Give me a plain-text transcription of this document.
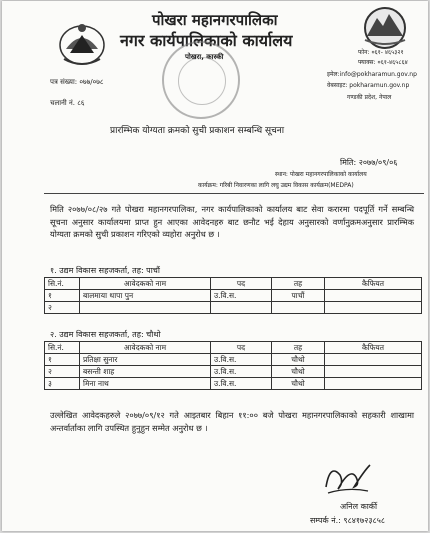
पोखरा महानगरपालिका
नगर कार्यपालिकाको कार्यालय
पोखरा, कास्की
फोन: ०६१- ४६५३२१
फ्याक्स: ०६१-४६५८६४
इमेल:info@pokharamun.gov.np
वेबसाइट: pokharamun.gov.np
गण्डकी प्रदेश, नेपाल
पत्र संख्या: ०७७/०७८
चलानी नं. ८६
प्रारम्भिक योग्यता क्रमको सुची प्रकाशन सम्बन्धि सूचना
मिति: २०७७/०९/०६
स्थान: पोखरा महानगरपालिकाको कार्यालय
कार्यक्रम: गरिबी निवारणका लागि लघु उद्यम विकास कार्यक्रम(MEDPA)
मिति २०७७/०८/२७ गते पोखरा महानगरपालिका, नगर कार्यपालिकाको कार्यालय बाट सेवा करारमा पदपूर्ति गर्ने सम्बन्धि सूचना अनुसार कार्यालयमा प्राप्त हुन आएका आवेदनहरु बाट छनौट भई देहाय अनुसारको वर्णानुक्रमअनुसार प्रारम्भिक योग्यता क्रमको सुची प्रकाशन गरिएको व्यहोरा अनुरोध छ ।
१. उद्यम विकास सहजकर्ता, तह: पाचौं
सि.नं.	आवेदकको नाम	पद	तह	कैफियत
१	बालमाया थापा पुन	उ.वि.स.	पाचौं	
२				
२. उद्यम विकास सहजकर्ता, तह: चौथो
सि.नं.	आवेदकको नाम	पद	तह	कैफियत
१	प्रतिक्षा सुनार	उ.वि.स.	चौथो	
२	बसन्ती शाह	उ.वि.स.	चौथो	
३	मिना नाथ	उ.वि.स.	चौथो	
उल्लेखित आवेदकहरुले २०७७/०९/१२ गते आइतबार बिहान ११:०० बजे पोखरा महानगरपालिकाको सहकारी शाखामा अन्तर्वार्ताका लागि उपस्थित हुनुहुन सम्मेत अनुरोध छ ।
अनिल कार्की
सम्पर्क नं.: ९८४१७२३८५८
